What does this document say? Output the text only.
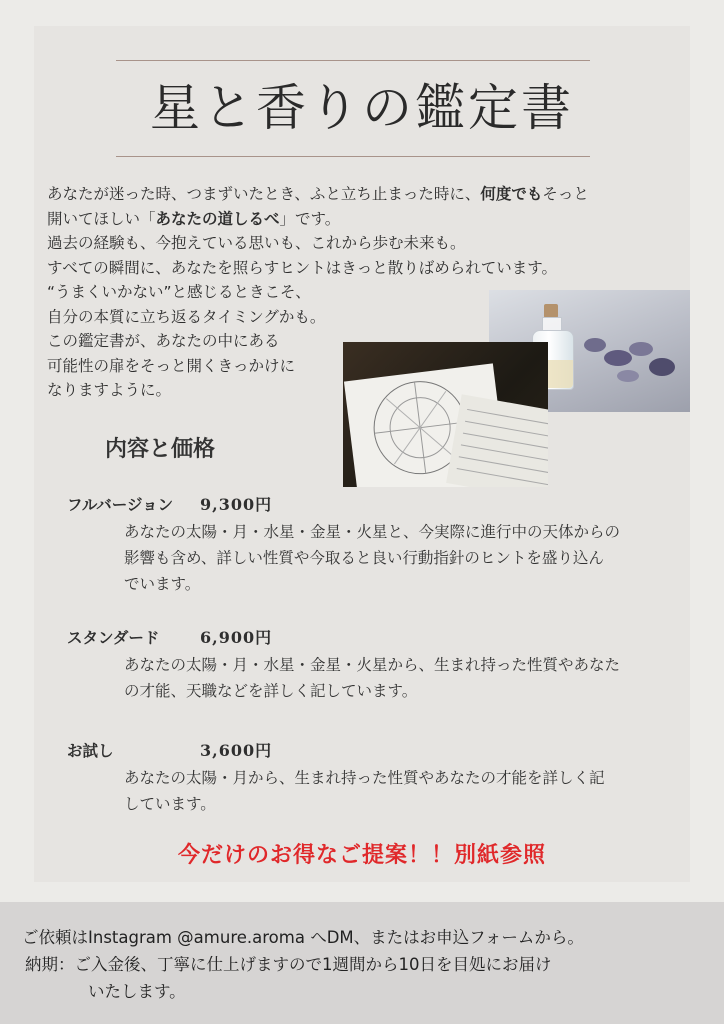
星と香りの鑑定書
あなたが迷った時、つまずいたとき、ふと立ち止まった時に、何度でもそっと
開いてほしい「あなたの道しるべ」です。
過去の経験も、今抱えている思いも、これから歩む未来も。
すべての瞬間に、あなたを照らすヒントはきっと散りばめられています。
“うまくいかない”と感じるときこそ、
自分の本質に立ち返るタイミングかも。
この鑑定書が、あなたの中にある
可能性の扉をそっと開くきっかけに
なりますように。
内容と価格
フルバージョン 9,300円
あなたの太陽・月・水星・金星・火星と、今実際に進行中の天体からの
影響も含め、詳しい性質や今取ると良い行動指針のヒントを盛り込ん
でいます。
スタンダード	6,900円
あなたの太陽・月・水星・金星・火星から、生まれ持った性質やあなた
の才能、天職などを詳しく記しています。
お試し	3,600円
あなたの太陽・月から、生まれ持った性質やあなたの才能を詳しく記
しています。
今だけのお得なご提案！！別紙参照
ご依頼はInstagram @amure.aroma へDM、またはお申込フォームから。
納期：ご入金後、丁寧に仕上げますので1週間から10日を目処にお届け
いたします。
